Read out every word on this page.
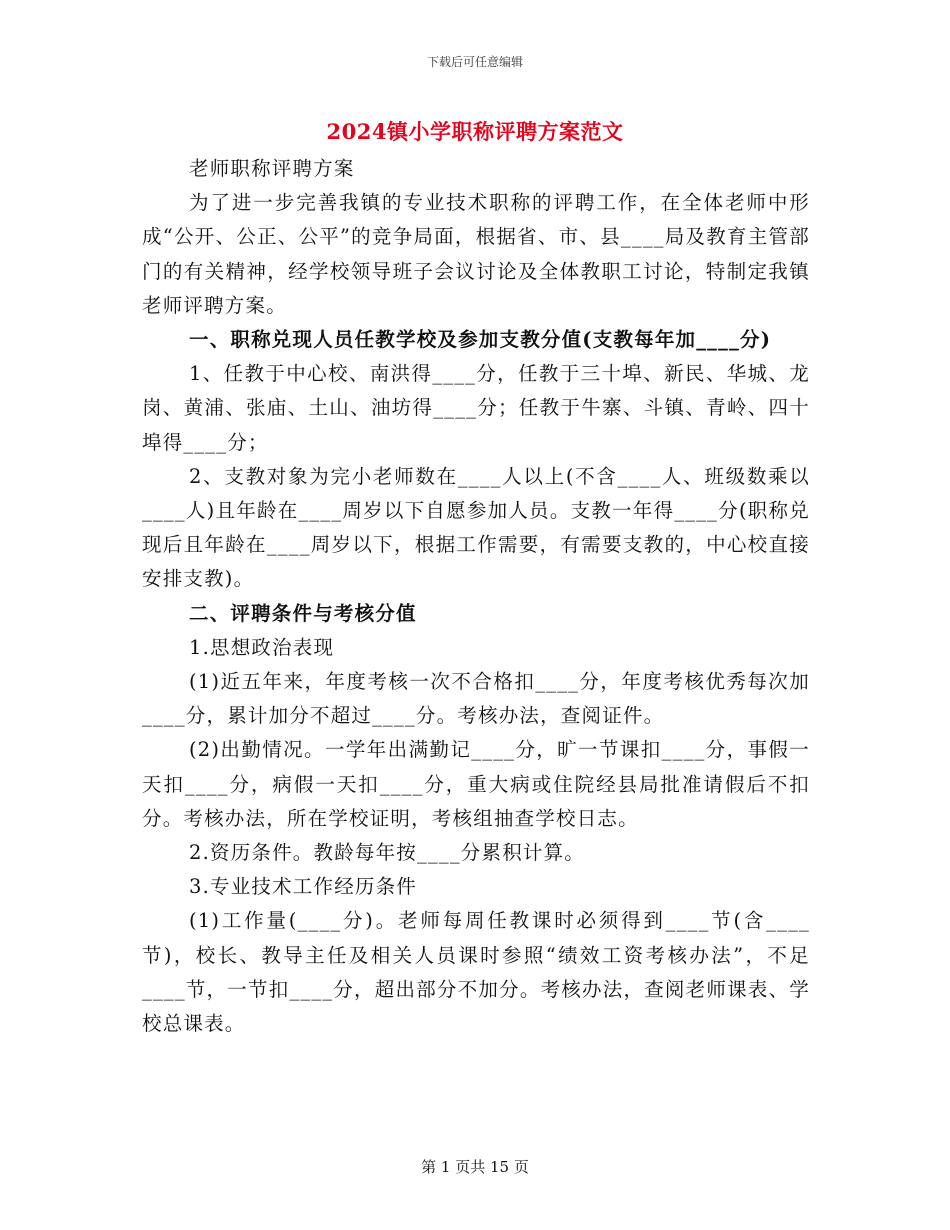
下载后可任意编辑
2024镇小学职称评聘方案范文

老师职称评聘方案

为了进一步完善我镇的专业技术职称的评聘工作，在全体老师中形成“公开、公正、公平”的竞争局面，根据省、市、县____局及教育主管部门的有关精神，经学校领导班子会议讨论及全体教职工讨论，特制定我镇老师评聘方案。

一、职称兑现人员任教学校及参加支教分值(支教每年加____分)

1、任教于中心校、南洪得____分，任教于三十埠、新民、华城、龙岗、黄浦、张庙、土山、油坊得____分；任教于牛寨、斗镇、青岭、四十埠得____分；

2、支教对象为完小老师数在____人以上(不含____人、班级数乘以____人)且年龄在____周岁以下自愿参加人员。支教一年得____分(职称兑现后且年龄在____周岁以下，根据工作需要，有需要支教的，中心校直接安排支教)。

二、评聘条件与考核分值

1.思想政治表现

(1)近五年来，年度考核一次不合格扣____分，年度考核优秀每次加____分，累计加分不超过____分。考核办法，查阅证件。

(2)出勤情况。一学年出满勤记____分，旷一节课扣____分，事假一天扣____分，病假一天扣____分，重大病或住院经县局批准请假后不扣分。考核办法，所在学校证明，考核组抽查学校日志。

2.资历条件。教龄每年按____分累积计算。

3.专业技术工作经历条件

(1)工作量(____分)。老师每周任教课时必须得到____节(含____节)，校长、教导主任及相关人员课时参照“绩效工资考核办法”，不足____节，一节扣____分，超出部分不加分。考核办法，查阅老师课表、学校总课表。

第 1 页共 15 页
